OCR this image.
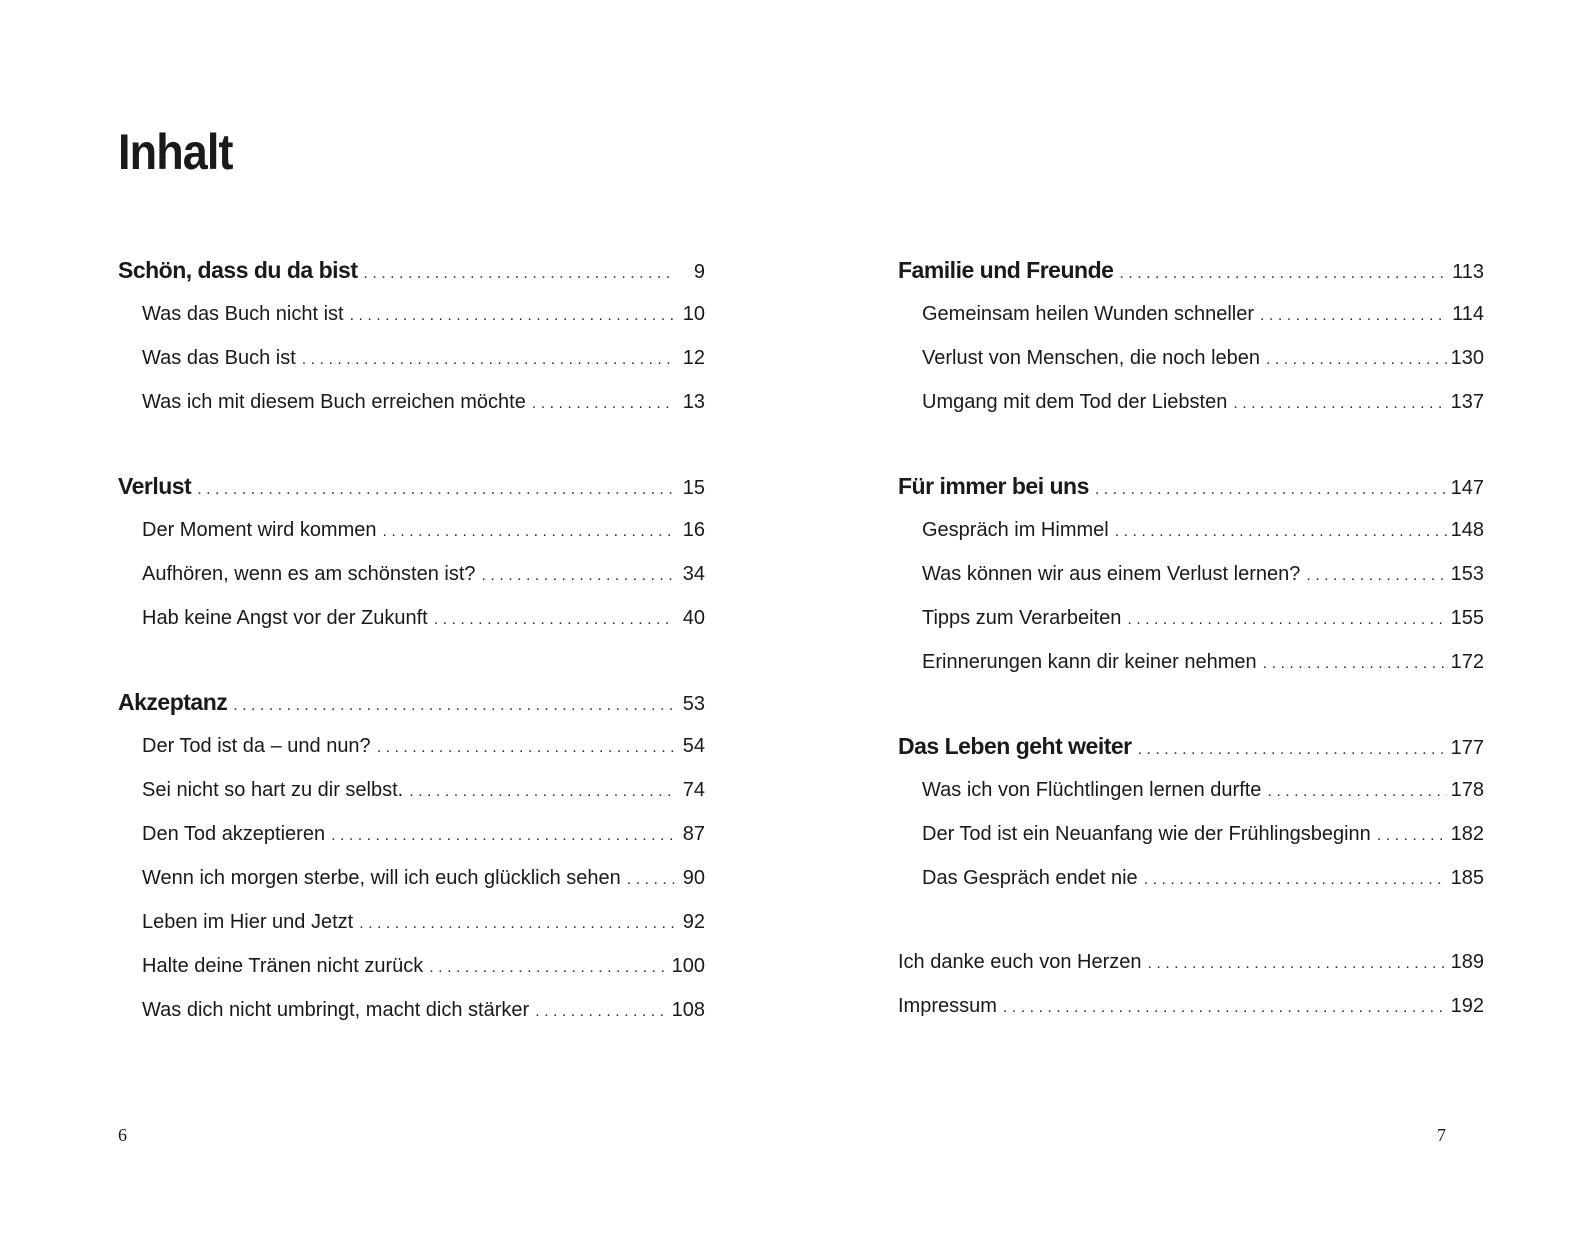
Inhalt
Schön, dass du da bist . . .	9
Was das Buch nicht ist . . .	10
Was das Buch ist . . .	12
Was ich mit diesem Buch erreichen möchte . . .	13
Verlust . . .	15
Der Moment wird kommen . . .	16
Aufhören, wenn es am schönsten ist? . . .	34
Hab keine Angst vor der Zukunft . . .	40
Akzeptanz . . .	53
Der Tod ist da – und nun? . . .	54
Sei nicht so hart zu dir selbst. . . .	74
Den Tod akzeptieren . . .	87
Wenn ich morgen sterbe, will ich euch glücklich sehen . . .	90
Leben im Hier und Jetzt . . .	92
Halte deine Tränen nicht zurück . . .	100
Was dich nicht umbringt, macht dich stärker . . .	108
Familie und Freunde . . .	113
Gemeinsam heilen Wunden schneller . . .	114
Verlust von Menschen, die noch leben . . .	130
Umgang mit dem Tod der Liebsten . . .	137
Für immer bei uns . . .	147
Gespräch im Himmel . . .	148
Was können wir aus einem Verlust lernen? . . .	153
Tipps zum Verarbeiten . . .	155
Erinnerungen kann dir keiner nehmen . . .	172
Das Leben geht weiter . . .	177
Was ich von Flüchtlingen lernen durfte . . .	178
Der Tod ist ein Neuanfang wie der Frühlingsbeginn . . .	182
Das Gespräch endet nie . . .	185
Ich danke euch von Herzen . . .	189
Impressum . . .	192
6	7
